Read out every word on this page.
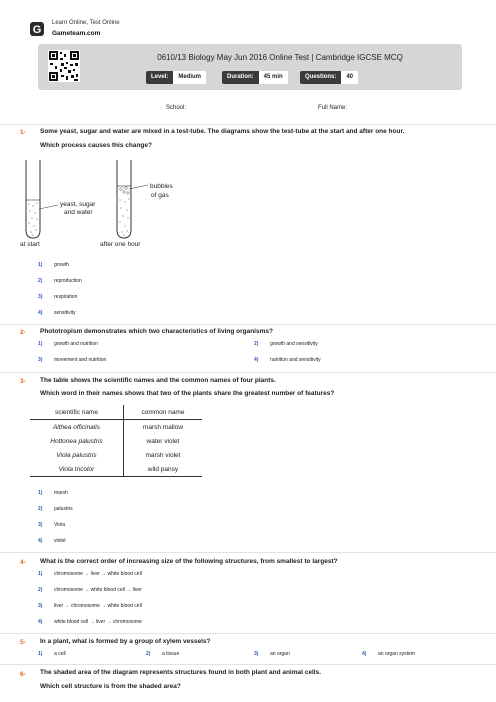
G
Learn Online, Test Online
Gameteam.com
0610/13 Biology May Jun 2016 Online Test | Cambridge IGCSE MCQ
Level:	Medium	Duration:	45 min	Questions:	40
School:	Full Name:
1- Some yeast, sugar and water are mixed in a test-tube. The diagrams show the test-tube at the start and after one hour.
Which process causes this change?
yeast, sugar
and water
at start
bubbles
of gas
after one hour
1) growth
2) reproduction
3) respiration
4) sensitivity
2- Phototropism demonstrates which two characteristics of living organisms?
1) growth and nutrition	2) growth and sensitivity
3) movement and nutrition	4) nutrition and sensitivity
3- The table shows the scientific names and the common names of four plants.
Which word in their names shows that two of the plants share the greatest number of features?
scientific name	common name
Althea officinalis	marsh mallow
Hottonea palustris	water violet
Viola palustris	marsh violet
Viola tricolor	wild pansy
1) marsh
2) palustris
3) Viola
4) violet
4- What is the correct order of increasing size of the following structures, from smallest to largest?
1) chromosome → liver → white blood cell
2) chromosome → white blood cell → liver
3) liver → chromosome → white blood cell
4) white blood cell → liver → chromosome
5- In a plant, what is formed by a group of xylem vessels?
1) a cell	2) a tissue	3) an organ	4) an organ system
6- The shaded area of the diagram represents structures found in both plant and animal cells.
Which cell structure is from the shaded area?
